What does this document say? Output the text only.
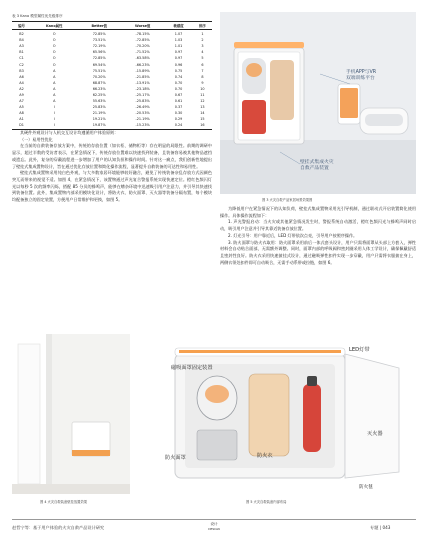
表 3 Kano 模型属性优先级排序
编号	Kano属性	Better值	Worse值	敏感度	排序
B2	O	72.85%	-78.15%	1.07	1
B4	O	73.51%	-72.85%	1.03	2
A3	O	72.19%	-70.20%	1.01	3
B1	O	65.56%	-71.52%	0.97	4
C1	O	72.85%	-63.58%	0.97	5
C2	O	69.54%	-66.23%	0.96	6
B3	A	75.51%	-15.89%	0.75	7
A6	A	70.20%	-21.85%	0.74	8
A4	A	68.87%	-13.91%	0.70	9
A2	A	66.23%	-23.18%	0.70	10
A9	A	62.25%	-25.17%	0.67	11
A7	A	55.63%	-25.83%	0.61	12
A5	I	25.83%	-26.49%	0.37	13
A8	I	21.19%	-20.53%	0.30	14
A1	I	19.21%	-21.19%	0.29	15
D1	I	19.87%	-15.23%	0.24	16

其硬件外观设计与人机交互设计均遵循用户体验原则：

（一）易用性优化

在当前的自救装备存放方案中，传统的存放位置（如衣柜、储物柜等）存在明显的局限性。前期的调研中显示，超过半数的受访者表示，在紧急情况下，传统存放位置难以快速找到装备，且装备容易被其他物品遮挡或遗忘。此外，复杂的穿戴流程进一步增加了用户的认知负担和操作时间。针对这一痛点，我们创新性地提出了壁挂式集成置物设计，旨在通过优化存放位置和简化操作流程，显著提升自救装备的可达性和易用性。

壁挂式集成置物采用纯白色外观，与大多数家居环境能够较好融合，避免了传统装备杂乱存放方式因颜色突兀而带来的视觉不适。如图 4，在紧急情况下，该置物通过声光复合警报系统实现快速定位。橙红色频闪灯光以每秒 5 次的频率闪烁，搭配 85 分贝的蜂鸣声，能够在嘈杂环境中迅速吸引用户注意力，并引导其快速找到装备位置。此外，集成置物内部采用模块化设计，将防火衣、防火面罩、灭火器等装备分隔布置，每个模块均配备独立的固定装置，方便用户日常维护和更换，如图 5。

手机APP与VR
双端训练平台
壁挂式集成火灾
自救产品装置
图 3 火灾自救产品家居场景效果图

为降低用户在紧急情况下的认知负荷，壁挂式集成置物采用光引导机制，通过联动式开启装置简化使用操作。具体操作流程如下：

1. 声光警报启动：当火灾或其他紧急情况发生时，警报系统自动激活，橙红色频闪光与蜂鸣声同时启动，吸引用户注意并引导其靠近装备存放位置。

2. 灯光引导：用户靠近后，LED 灯带依次点亮，引导用户按照序操作。

3. 防火面罩与防火衣取用：防火面罩采用前后一体式套头设计，用户只需将面罩从头部上方套入，弹性材料会自动贴合面部，无需额外调整。同时，面罩内部的呼吸阀和密封圈采用人体工学设计，确保佩戴舒适且密封性良好。防火衣采用快速披挂式设计，通过磁吸弹性扣件实现一步穿戴，用户只需将衣服披在身上，两侧衣领处扣件即可自动吸合，无需手动系带或拉链，如图 6。

图 4 火灾自救装备壁挂放置效果
LED灯带
磁吸面罩固定装置
防火衣
防火面罩
灭火器
防火毯
图 5 火灾自救装备内部布局
赵哲宁等：基于用户体验的火灾自救产品设计研究
设计
DESIGN	专题 | 043
